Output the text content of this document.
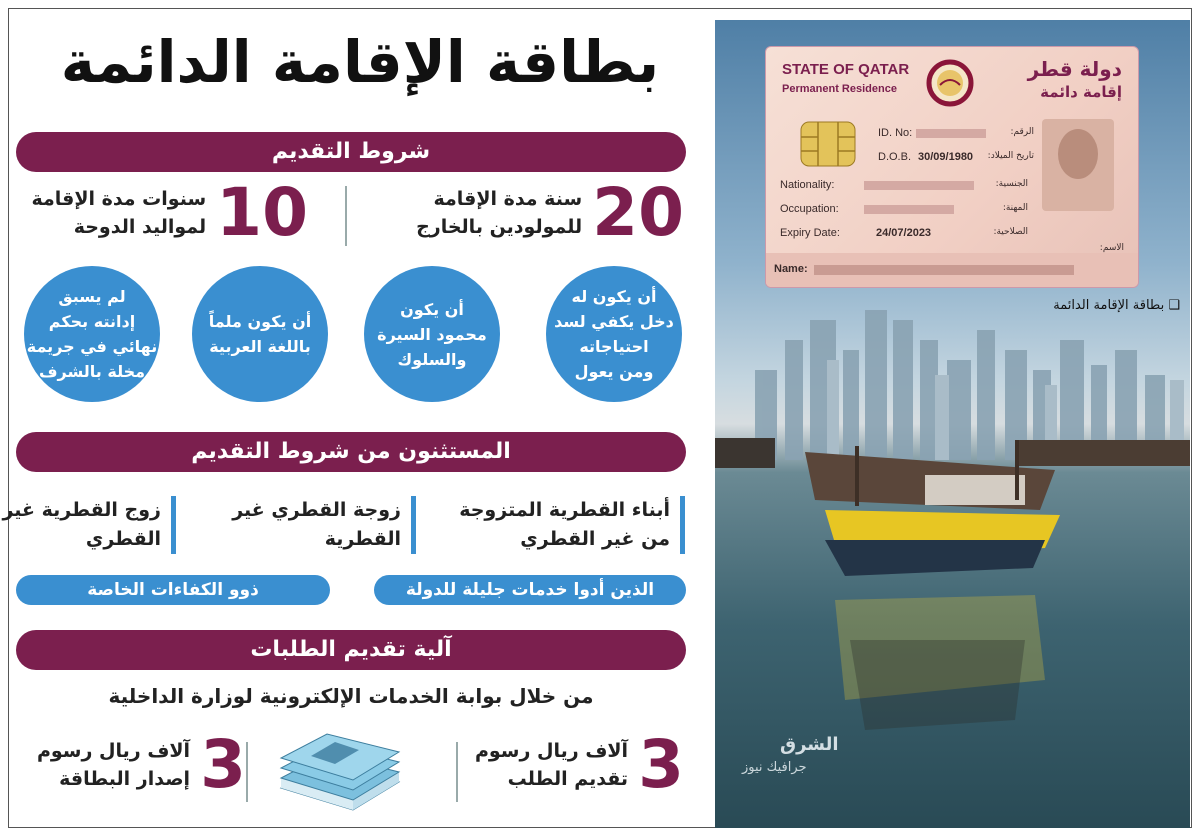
بطاقة الإقامة الدائمة
شروط التقديم
20
سنة مدة الإقامة
للمولودين بالخارج
10
سنوات مدة الإقامة
لمواليد الدوحة
أن يكون له
دخل يكفي لسد
احتياجاته
ومن يعول
أن يكون
محمود السيرة
والسلوك
أن يكون ملماً
باللغة العربية
لم يسبق
إدانته بحكم
نهائي في جريمة
مخلة بالشرف
المستثنون من شروط التقديم
أبناء القطرية المتزوجة
من غير القطري
زوجة القطري غير
القطرية
زوج القطرية غير
القطري
الذين أدوا خدمات جليلة للدولة
ذوو الكفاءات الخاصة
آلية تقديم الطلبات
من خلال بوابة الخدمات الإلكترونية لوزارة الداخلية
3
آلاف ريال رسوم
تقديم الطلب
3
آلاف ريال رسوم
إصدار البطاقة
STATE OF QATAR
Permanent Residence
دولة قطر
إقامة دائمة
ID. No:	الرقم:
D.O.B. 30/09/1980 تاريخ الميلاد:
Nationality:	الجنسية:
Occupation:	المهنة:
Expiry Date:	24/07/2023	الصلاحية:
Name:
الاسم:
❑ بطاقة الإقامة الدائمة
الشرق
جرافيك نيوز
